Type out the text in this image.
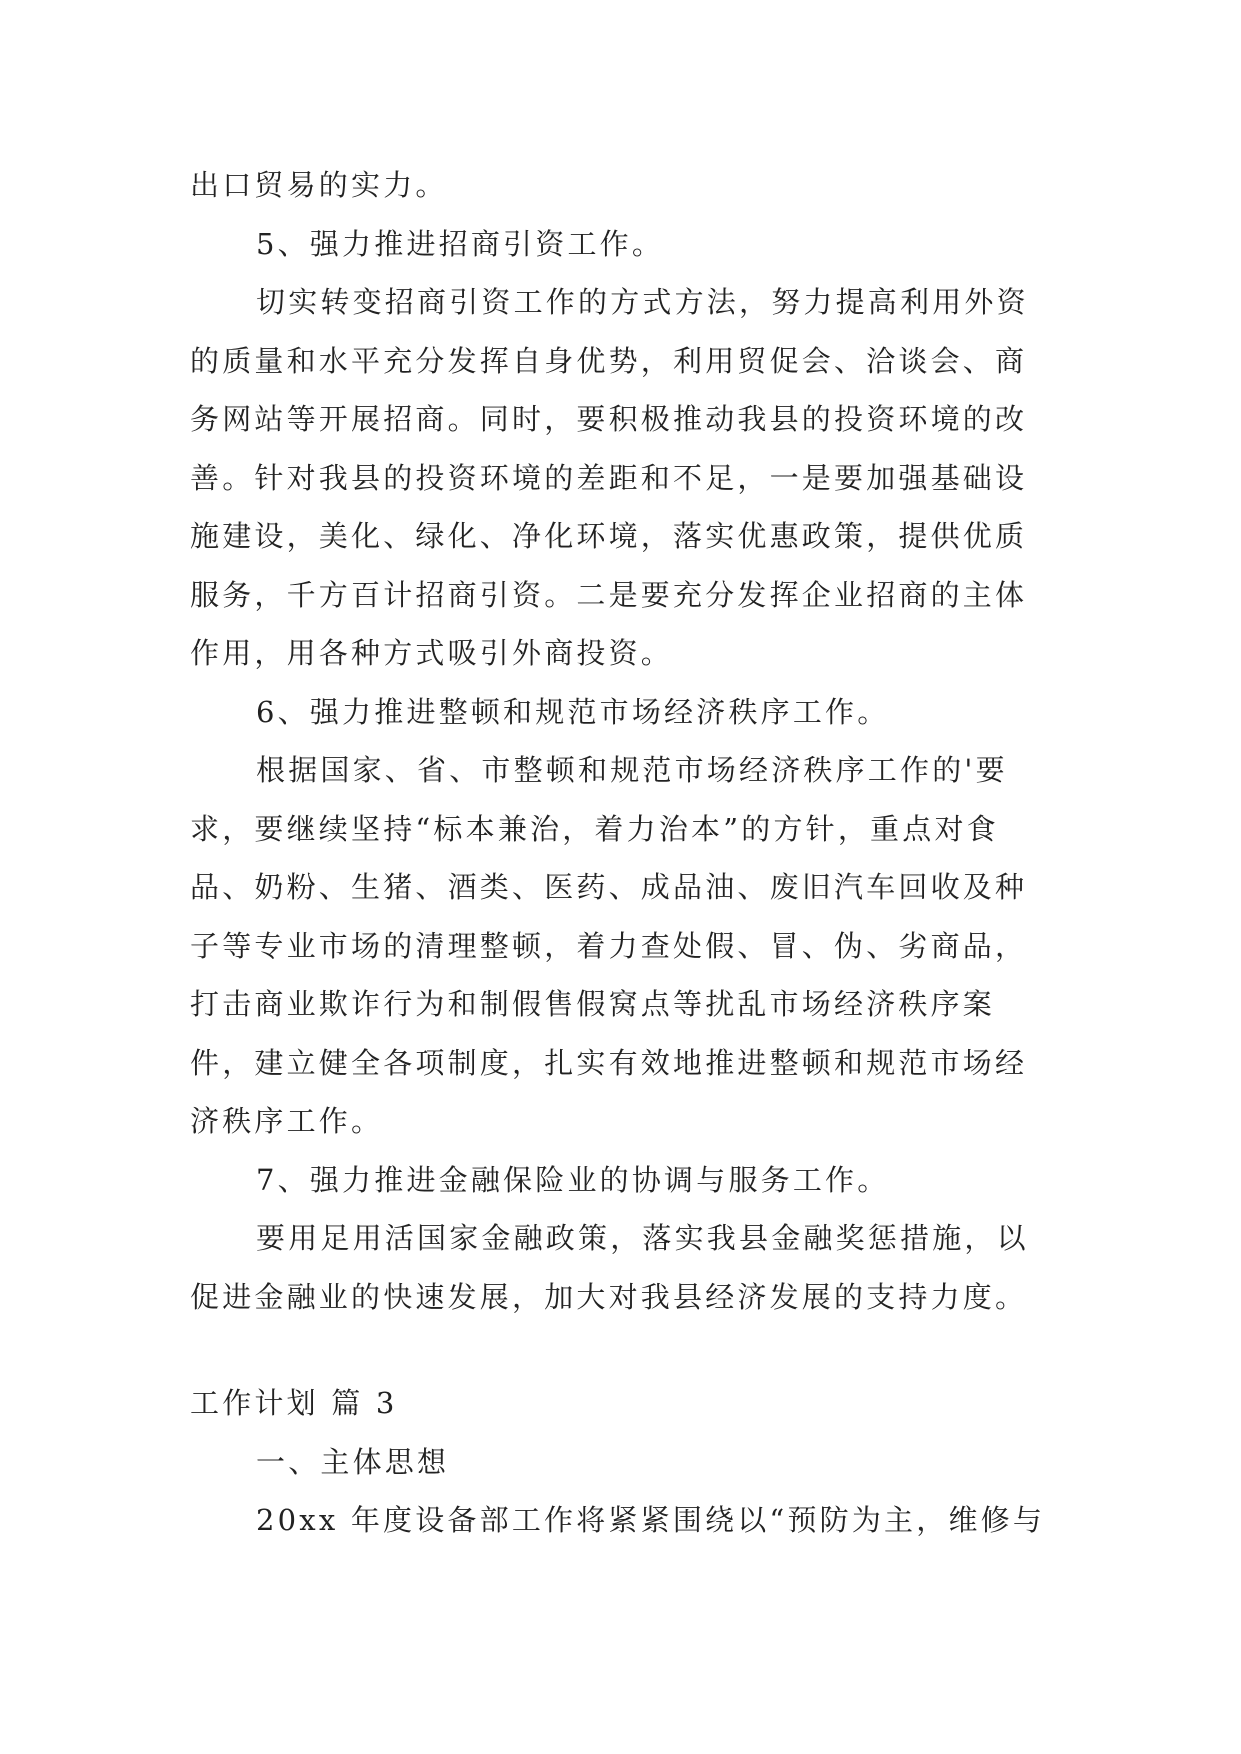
出口贸易的实力。
5、强力推进招商引资工作。
切实转变招商引资工作的方式方法，努力提高利用外资
的质量和水平充分发挥自身优势，利用贸促会、洽谈会、商
务网站等开展招商。同时，要积极推动我县的投资环境的改
善。针对我县的投资环境的差距和不足，一是要加强基础设
施建设，美化、绿化、净化环境，落实优惠政策，提供优质
服务，千方百计招商引资。二是要充分发挥企业招商的主体
作用，用各种方式吸引外商投资。
6、强力推进整顿和规范市场经济秩序工作。
根据国家、省、市整顿和规范市场经济秩序工作的'要
求，要继续坚持“标本兼治，着力治本”的方针，重点对食
品、奶粉、生猪、酒类、医药、成品油、废旧汽车回收及种
子等专业市场的清理整顿，着力查处假、冒、伪、劣商品，
打击商业欺诈行为和制假售假窝点等扰乱市场经济秩序案
件，建立健全各项制度，扎实有效地推进整顿和规范市场经
济秩序工作。
7、强力推进金融保险业的协调与服务工作。
要用足用活国家金融政策，落实我县金融奖惩措施，以
促进金融业的快速发展，加大对我县经济发展的支持力度。
工作计划 篇 3
一、主体思想
20xx 年度设备部工作将紧紧围绕以“预防为主，维修与
